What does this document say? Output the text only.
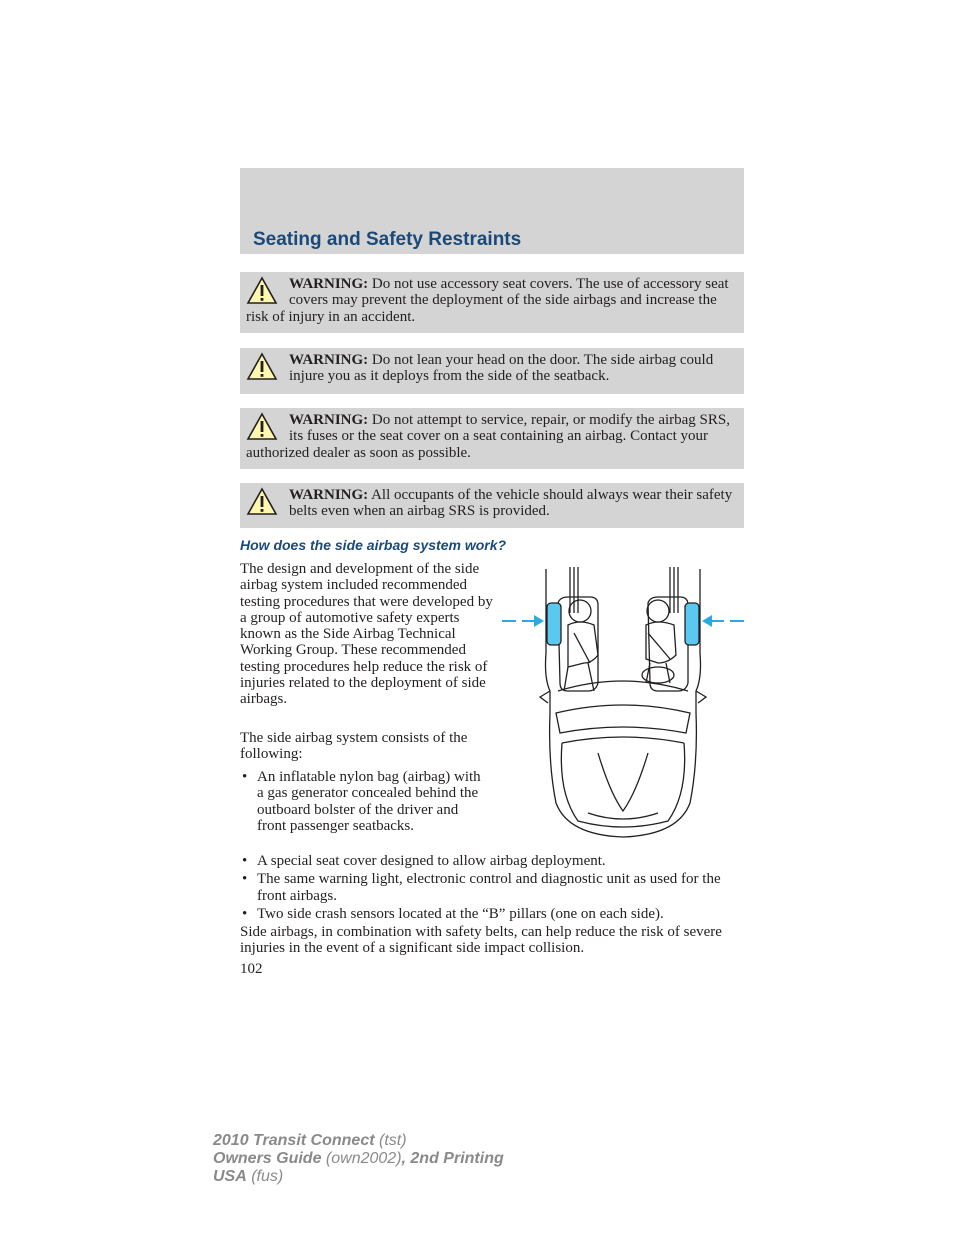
Seating and Safety Restraints
WARNING: Do not use accessory seat covers. The use of accessory seat covers may prevent the deployment of the side airbags and increase the risk of injury in an accident.
WARNING: Do not lean your head on the door. The side airbag could injure you as it deploys from the side of the seatback.
WARNING: Do not attempt to service, repair, or modify the airbag SRS, its fuses or the seat cover on a seat containing an airbag. Contact your authorized dealer as soon as possible.
WARNING: All occupants of the vehicle should always wear their safety belts even when an airbag SRS is provided.
How does the side airbag system work?

The design and development of the side airbag system included recommended testing procedures that were developed by a group of automotive safety experts known as the Side Airbag Technical Working Group. These recommended testing procedures help reduce the risk of injuries related to the deployment of side airbags.

The side airbag system consists of the following:

• An inflatable nylon bag (airbag) with a gas generator concealed behind the outboard bolster of the driver and front passenger seatbacks.
• A special seat cover designed to allow airbag deployment.
• The same warning light, electronic control and diagnostic unit as used for the front airbags.
• Two side crash sensors located at the “B” pillars (one on each side).

Side airbags, in combination with safety belts, can help reduce the risk of severe injuries in the event of a significant side impact collision.

102
2010 Transit Connect (tst)
Owners Guide (own2002), 2nd Printing
USA (fus)
